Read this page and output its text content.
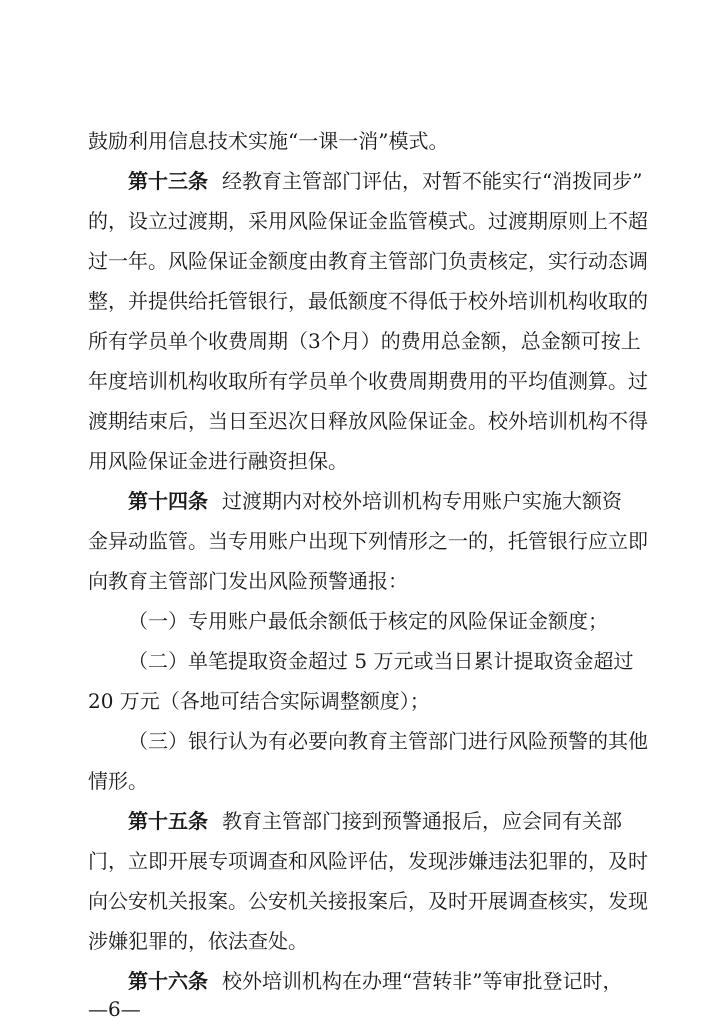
鼓励利用信息技术实施“一课一消”模式。
第十三条 经教育主管部门评估，对暂不能实行“消拨同步”
的，设立过渡期，采用风险保证金监管模式。过渡期原则上不超
过一年。风险保证金额度由教育主管部门负责核定，实行动态调
整，并提供给托管银行，最低额度不得低于校外培训机构收取的
所有学员单个收费周期（3个月）的费用总金额，总金额可按上
年度培训机构收取所有学员单个收费周期费用的平均值测算。过
渡期结束后，当日至迟次日释放风险保证金。校外培训机构不得
用风险保证金进行融资担保。
第十四条 过渡期内对校外培训机构专用账户实施大额资
金异动监管。当专用账户出现下列情形之一的，托管银行应立即
向教育主管部门发出风险预警通报：
（一）专用账户最低余额低于核定的风险保证金额度；
（二）单笔提取资金超过 5 万元或当日累计提取资金超过
20 万元（各地可结合实际调整额度）；
（三）银行认为有必要向教育主管部门进行风险预警的其他
情形。
第十五条 教育主管部门接到预警通报后，应会同有关部
门，立即开展专项调查和风险评估，发现涉嫌违法犯罪的，及时
向公安机关报案。公安机关接报案后，及时开展调查核实，发现
涉嫌犯罪的，依法查处。
第十六条 校外培训机构在办理“营转非”等审批登记时，
—6—
